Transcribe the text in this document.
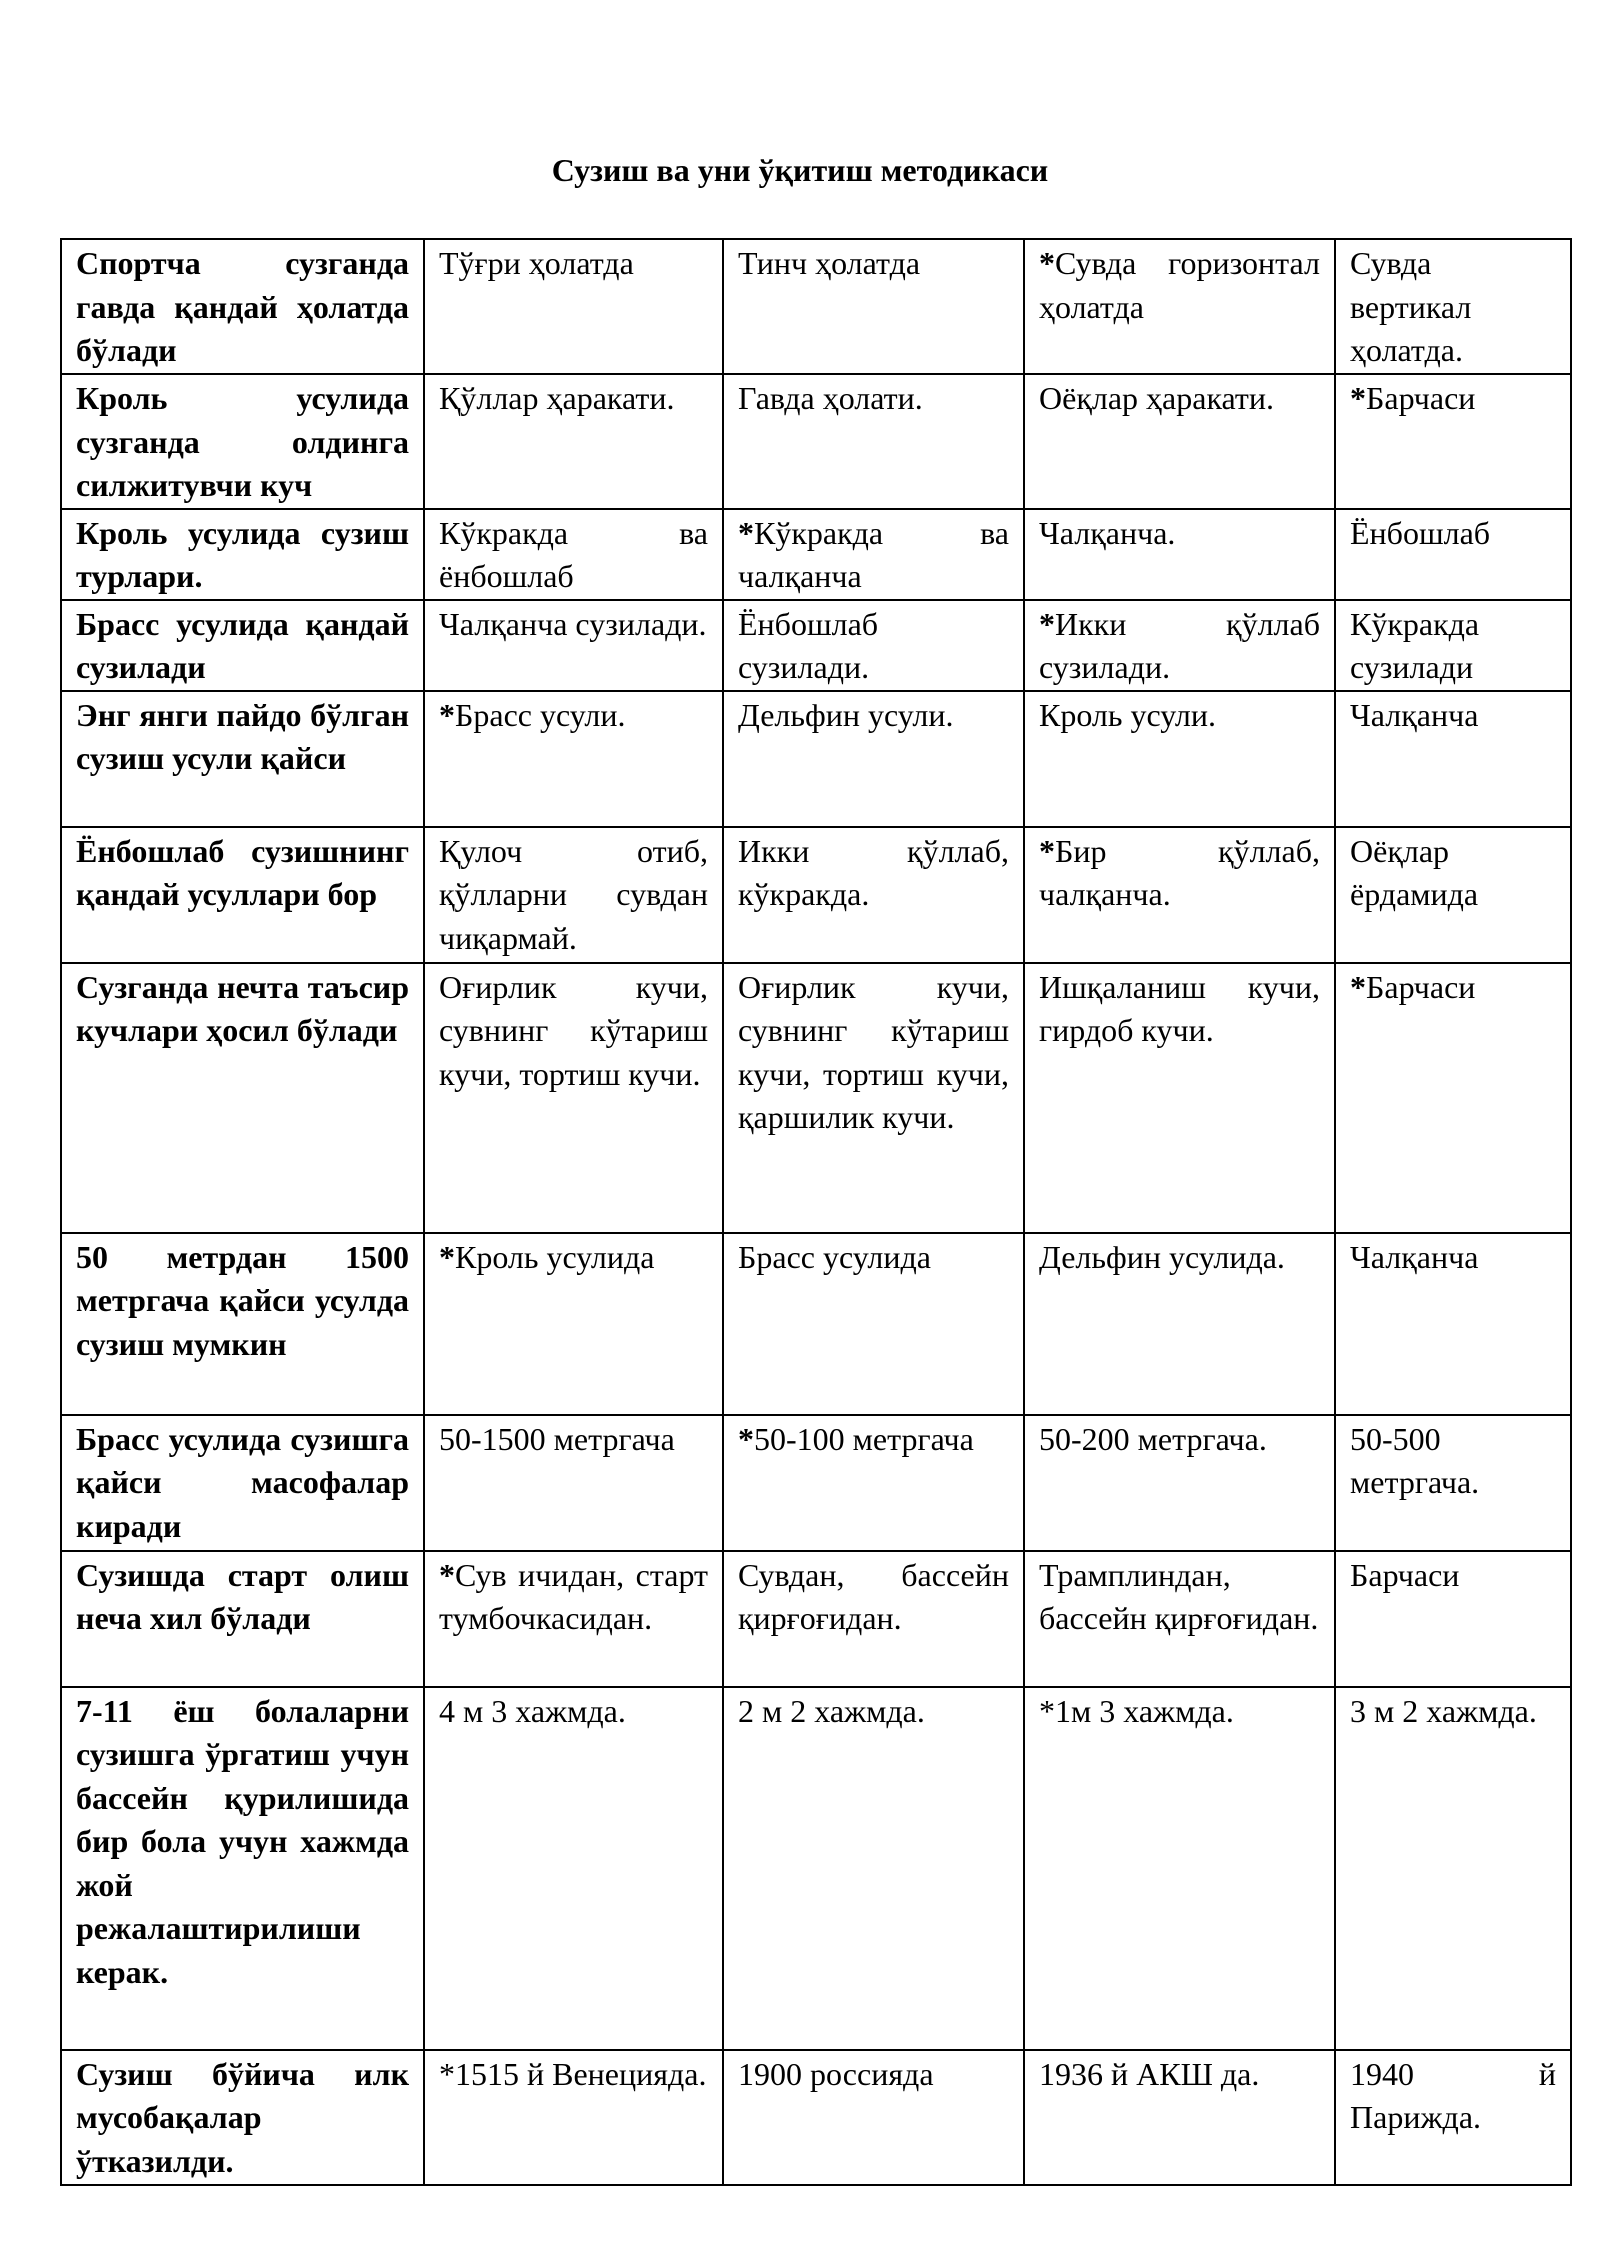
Сузиш ва уни ўқитиш методикаси
Спортча сузганда гавда қандай ҳолатда бўлади	Тўғри ҳолатда	Тинч ҳолатда	*Сувда горизонтал ҳолатда	Сувда вертикал ҳолатда.
Кроль усулида сузганда олдинга силжитувчи куч	Қўллар ҳаракати.	Гавда ҳолати.	Оёқлар ҳаракати.	*Барчаси
Кроль усулида сузиш турлари.	Кўкракда ва ёнбошлаб	*Кўкракда ва чалқанча	Чалқанча.	Ёнбошлаб
Брасс усулида қандай сузилади	Чалқанча сузилади.	Ёнбошлаб сузилади.	*Икки қўллаб сузилади.	Кўкракда сузилади
Энг янги пайдо бўлган сузиш усули қайси	*Брасс усули.	Дельфин усули.	Кроль усули.	Чалқанча
Ёнбошлаб сузишнинг қандай усуллари бор	Қулоч отиб, қўлларни сувдан чиқармай.	Икки қўллаб, кўкракда.	*Бир қўллаб, чалқанча.	Оёқлар ёрдамида
Сузганда нечта таъсир кучлари ҳосил бўлади	Оғирлик кучи, сувнинг кўтариш кучи, тортиш кучи.	Оғирлик кучи, сувнинг кўтариш кучи, тортиш кучи, қаршилик кучи.	Ишқаланиш кучи, гирдоб кучи.	*Барчаси
50 метрдан 1500 метргача қайси усулда сузиш мумкин	*Кроль усулида	Брасс усулида	Дельфин усулида.	Чалқанча
Брасс усулида сузишга қайси масофалар киради	50-1500 метргача	*50-100 метргача	50-200 метргача.	50-500 метргача.
Сузишда старт олиш неча хил бўлади	*Сув ичидан, старт тумбочкасидан.	Сувдан, бассейн қирғоғидан.	Трамплиндан, бассейн қирғоғидан.	Барчаси
7-11 ёш болаларни сузишга ўргатиш учун бассейн қурилишида бир бола учун хажмда жой режалаштирилиши керак.	4 м 3 хажмда.	2 м 2 хажмда.	*1м 3 хажмда.	3 м 2 хажмда.
Сузиш бўйича илк мусобақалар ўтказилди.	*1515 й Венецияда.	1900 россияда	1936 й АКШ да.	1940 й Парижда.
